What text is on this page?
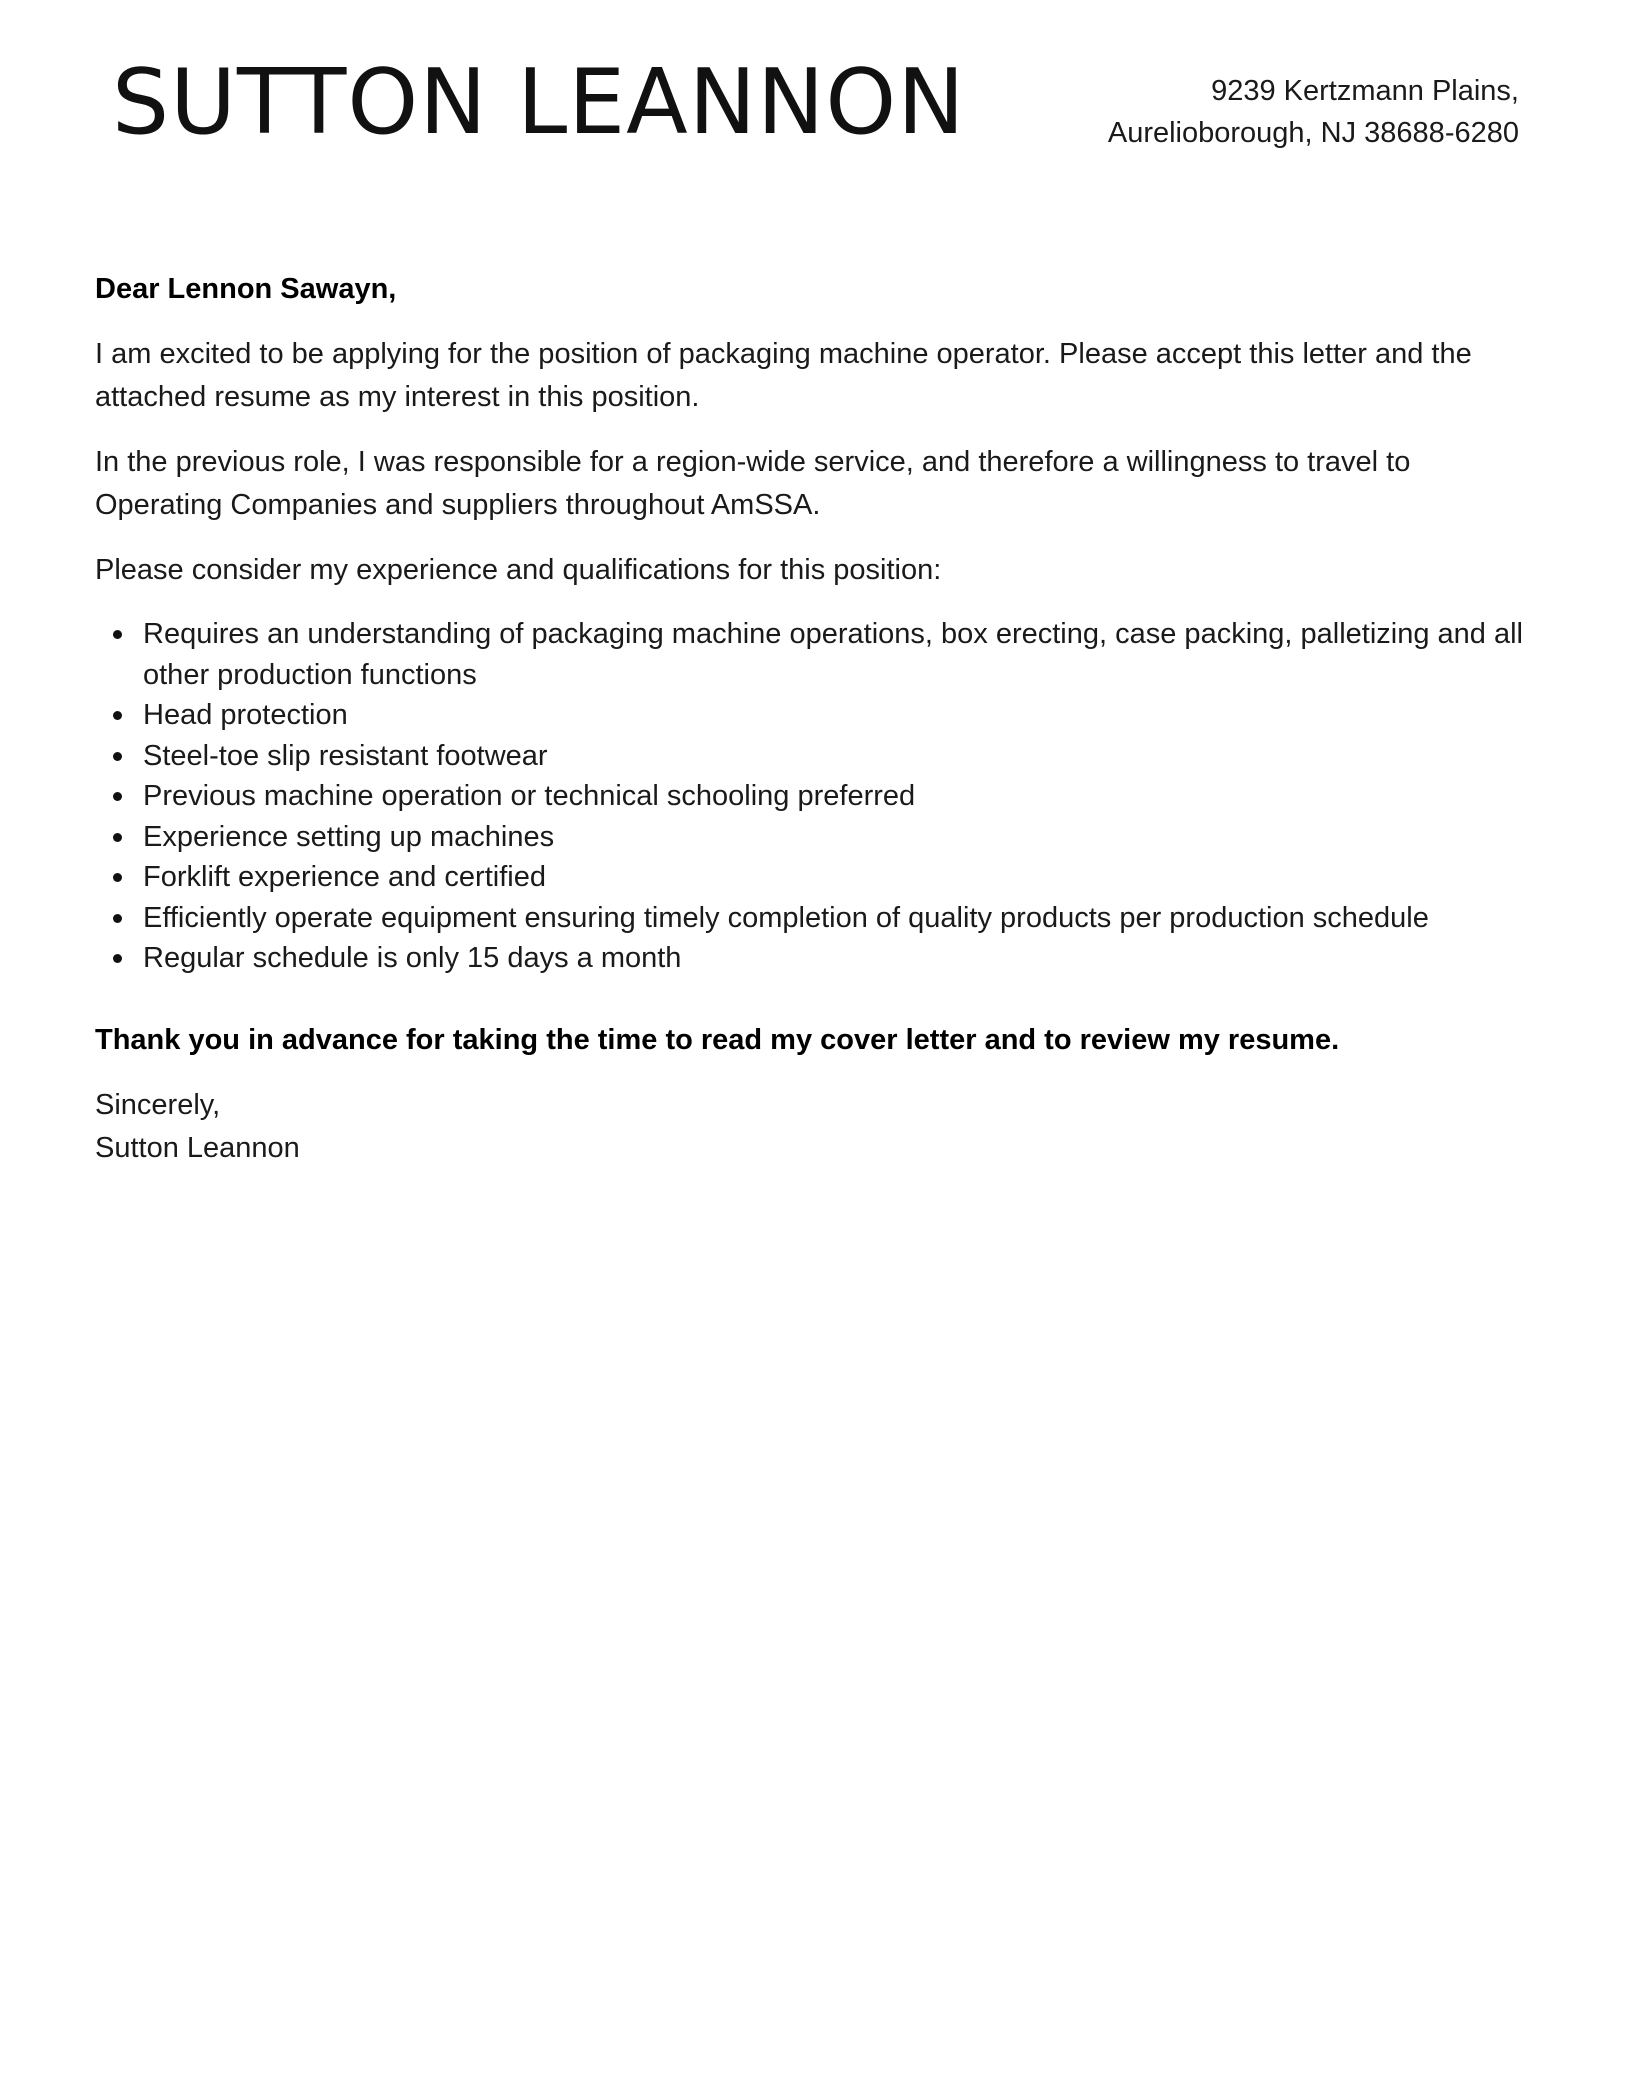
SUTTON LEANNON	9239 Kertzmann Plains,
Aurelioborough, NJ 38688-6280
Dear Lennon Sawayn,

I am excited to be applying for the position of packaging machine operator. Please accept this letter and the attached resume as my interest in this position.

In the previous role, I was responsible for a region-wide service, and therefore a willingness to travel to Operating Companies and suppliers throughout AmSSA.

Please consider my experience and qualifications for this position:

Requires an understanding of packaging machine operations, box erecting, case packing, palletizing and all other production functions
Head protection
Steel-toe slip resistant footwear
Previous machine operation or technical schooling preferred
Experience setting up machines
Forklift experience and certified
Efficiently operate equipment ensuring timely completion of quality products per production schedule
Regular schedule is only 15 days a month

Thank you in advance for taking the time to read my cover letter and to review my resume.

Sincerely,
Sutton Leannon
